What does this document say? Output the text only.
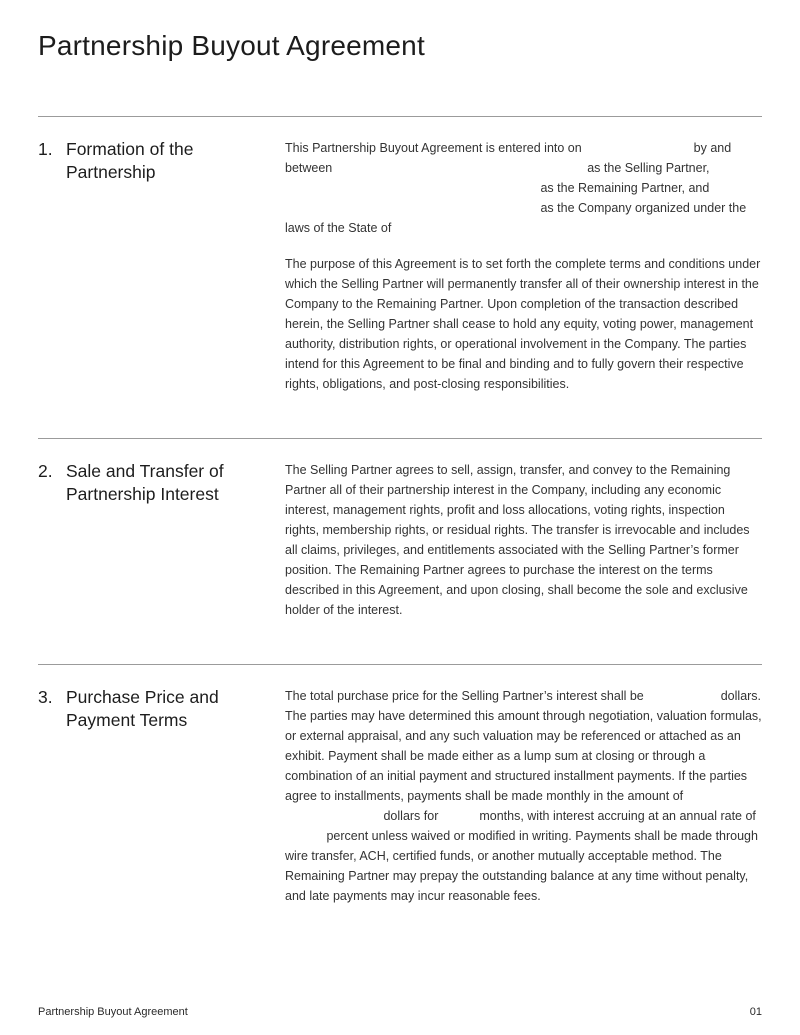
Partnership Buyout Agreement
1. Formation of the Partnership

This Partnership Buyout Agreement is entered into on	by and between	as the Selling Partner,  as the Remaining Partner, and  as the Company organized under the laws of the State of

The purpose of this Agreement is to set forth the complete terms and conditions under which the Selling Partner will permanently transfer all of their ownership interest in the Company to the Remaining Partner. Upon completion of the transaction described herein, the Selling Partner shall cease to hold any equity, voting power, management authority, distribution rights, or operational involvement in the Company. The parties intend for this Agreement to be final and binding and to fully govern their respective rights, obligations, and post-closing responsibilities.

2. Sale and Transfer of Partnership Interest

The Selling Partner agrees to sell, assign, transfer, and convey to the Remaining Partner all of their partnership interest in the Company, including any economic interest, management rights, profit and loss allocations, voting rights, inspection rights, membership rights, or residual rights. The transfer is irrevocable and includes all claims, privileges, and entitlements associated with the Selling Partner’s former position. The Remaining Partner agrees to purchase the interest on the terms described in this Agreement, and upon closing, shall become the sole and exclusive holder of the interest.

3. Purchase Price and Payment Terms

The total purchase price for the Selling Partner’s interest shall be	dollars. The parties may have determined this amount through negotiation, valuation formulas, or external appraisal, and any such valuation may be referenced or attached as an exhibit. Payment shall be made either as a lump sum at closing or through a combination of an initial payment and structured installment payments. If the parties agree to installments, payments shall be made monthly in the amount of  dollars for	months, with interest accruing at an annual rate of  percent unless waived or modified in writing. Payments shall be made through wire transfer, ACH, certified funds, or another mutually acceptable method. The Remaining Partner may prepay the outstanding balance at any time without penalty, and late payments may incur reasonable fees.

Partnership Buyout Agreement	01
